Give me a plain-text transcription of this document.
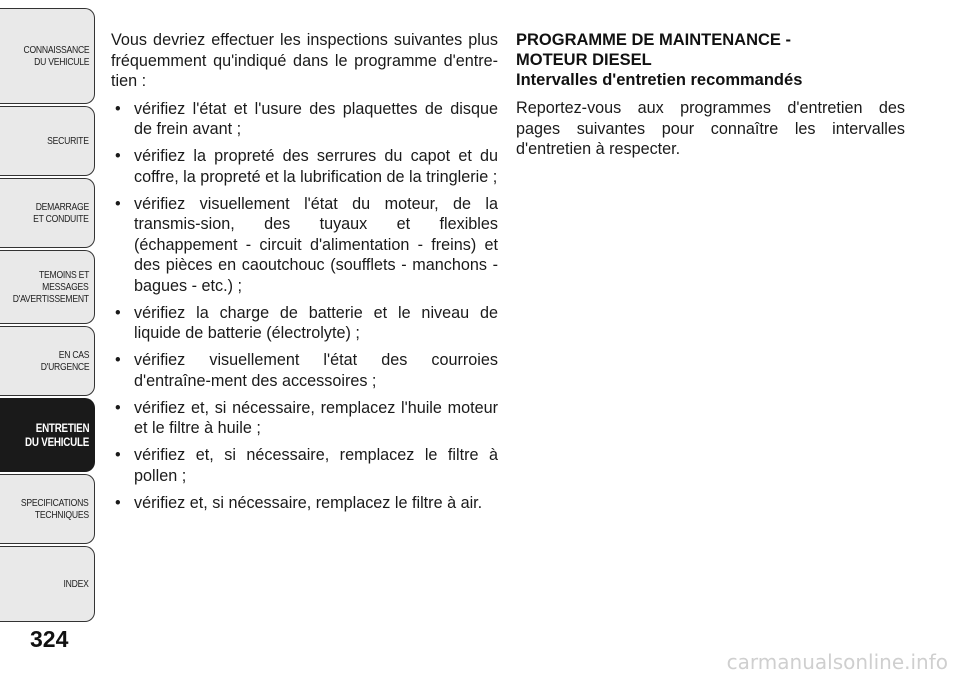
CONNAISSANCE
DU VEHICULE
SECURITE
DEMARRAGE
ET CONDUITE
TEMOINS ET
MESSAGES
D'AVERTISSEMENT
EN CAS
D'URGENCE
ENTRETIEN
DU VEHICULE
SPECIFICATIONS
TECHNIQUES
INDEX
324

Vous devriez effectuer les inspections suivantes plus fréquemment qu'indiqué dans le programme d'entre-tien :

• vérifiez l'état et l'usure des plaquettes de disque de frein avant ;
• vérifiez la propreté des serrures du capot et du coffre, la propreté et la lubrification de la tringlerie ;
• vérifiez visuellement l'état du moteur, de la transmis-sion, des tuyaux et flexibles (échappement - circuit d'alimentation - freins) et des pièces en caoutchouc (soufflets - manchons - bagues - etc.) ;
• vérifiez la charge de batterie et le niveau de liquide de batterie (électrolyte) ;
• vérifiez visuellement l'état des courroies d'entraîne-ment des accessoires ;
• vérifiez et, si nécessaire, remplacez l'huile moteur et le filtre à huile ;
• vérifiez et, si nécessaire, remplacez le filtre à pollen ;
• vérifiez et, si nécessaire, remplacez le filtre à air.
PROGRAMME DE MAINTENANCE -
MOTEUR DIESEL
Intervalles d'entretien recommandés

Reportez-vous aux programmes d'entretien des pages suivantes pour connaître les intervalles d'entretien à respecter.

carmanualsonline.info
